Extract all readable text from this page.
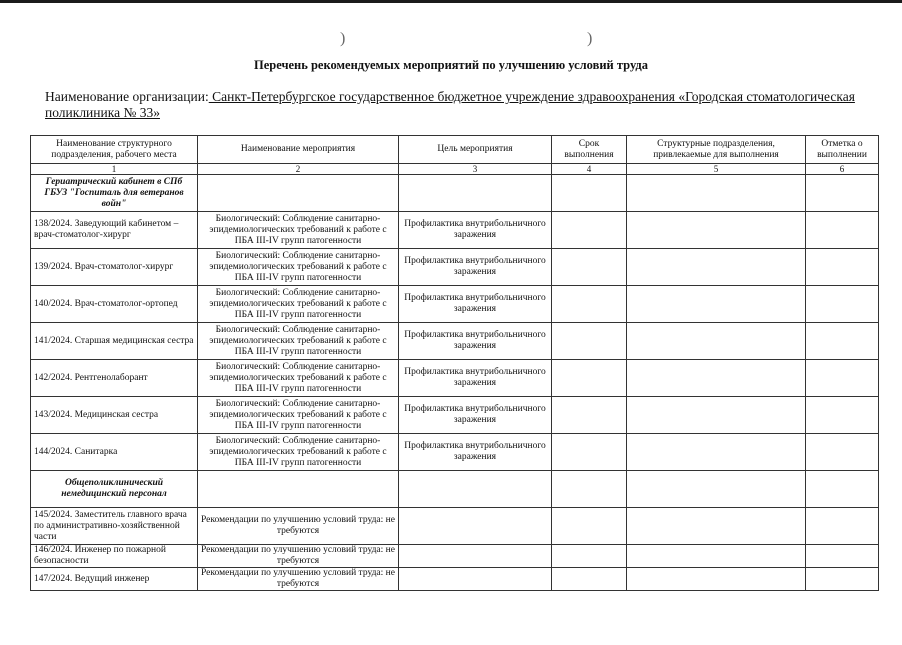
)	)
Перечень рекомендуемых мероприятий по улучшению условий труда
Наименование организации: Санкт-Петербургское государственное бюджетное учреждение здравоохранения «Городская стоматологическая поликлиника № 33»
Наименование структурного подразделения, рабочего места	Наименование мероприятия	Цель мероприятия	Срок выполнения	Структурные подразделения, привлекаемые для выполнения	Отметка о выполнении
1	2	3	4	5	6
Гериатрический кабинет в СПб ГБУЗ "Госпиталь для ветеранов войн"					
138/2024. Заведующий кабинетом – врач-стоматолог-хирург	Биологический: Соблюдение санитарно-эпидемиологических требований к работе с ПБА III-IV групп патогенности	Профилактика внутрибольничного заражения			
139/2024. Врач-стоматолог-хирург	Биологический: Соблюдение санитарно-эпидемиологических требований к работе с ПБА III-IV групп патогенности	Профилактика внутрибольничного заражения			
140/2024. Врач-стоматолог-ортопед	Биологический: Соблюдение санитарно-эпидемиологических требований к работе с ПБА III-IV групп патогенности	Профилактика внутрибольничного заражения			
141/2024. Старшая медицинская сестра	Биологический: Соблюдение санитарно-эпидемиологических требований к работе с ПБА III-IV групп патогенности	Профилактика внутрибольничного заражения			
142/2024. Рентгенолаборант	Биологический: Соблюдение санитарно-эпидемиологических требований к работе с ПБА III-IV групп патогенности	Профилактика внутрибольничного заражения			
143/2024. Медицинская сестра	Биологический: Соблюдение санитарно-эпидемиологических требований к работе с ПБА III-IV групп патогенности	Профилактика внутрибольничного заражения			
144/2024. Санитарка	Биологический: Соблюдение санитарно-эпидемиологических требований к работе с ПБА III-IV групп патогенности	Профилактика внутрибольничного заражения			
Общеполиклинический немедицинский персонал					
145/2024. Заместитель главного врача по административно-хозяйственной части	Рекомендации по улучшению условий труда: не требуются				
146/2024. Инженер по пожарной безопасности	Рекомендации по улучшению условий труда: не требуются				
147/2024. Ведущий инженер	Рекомендации по улучшению условий труда: не требуются				
